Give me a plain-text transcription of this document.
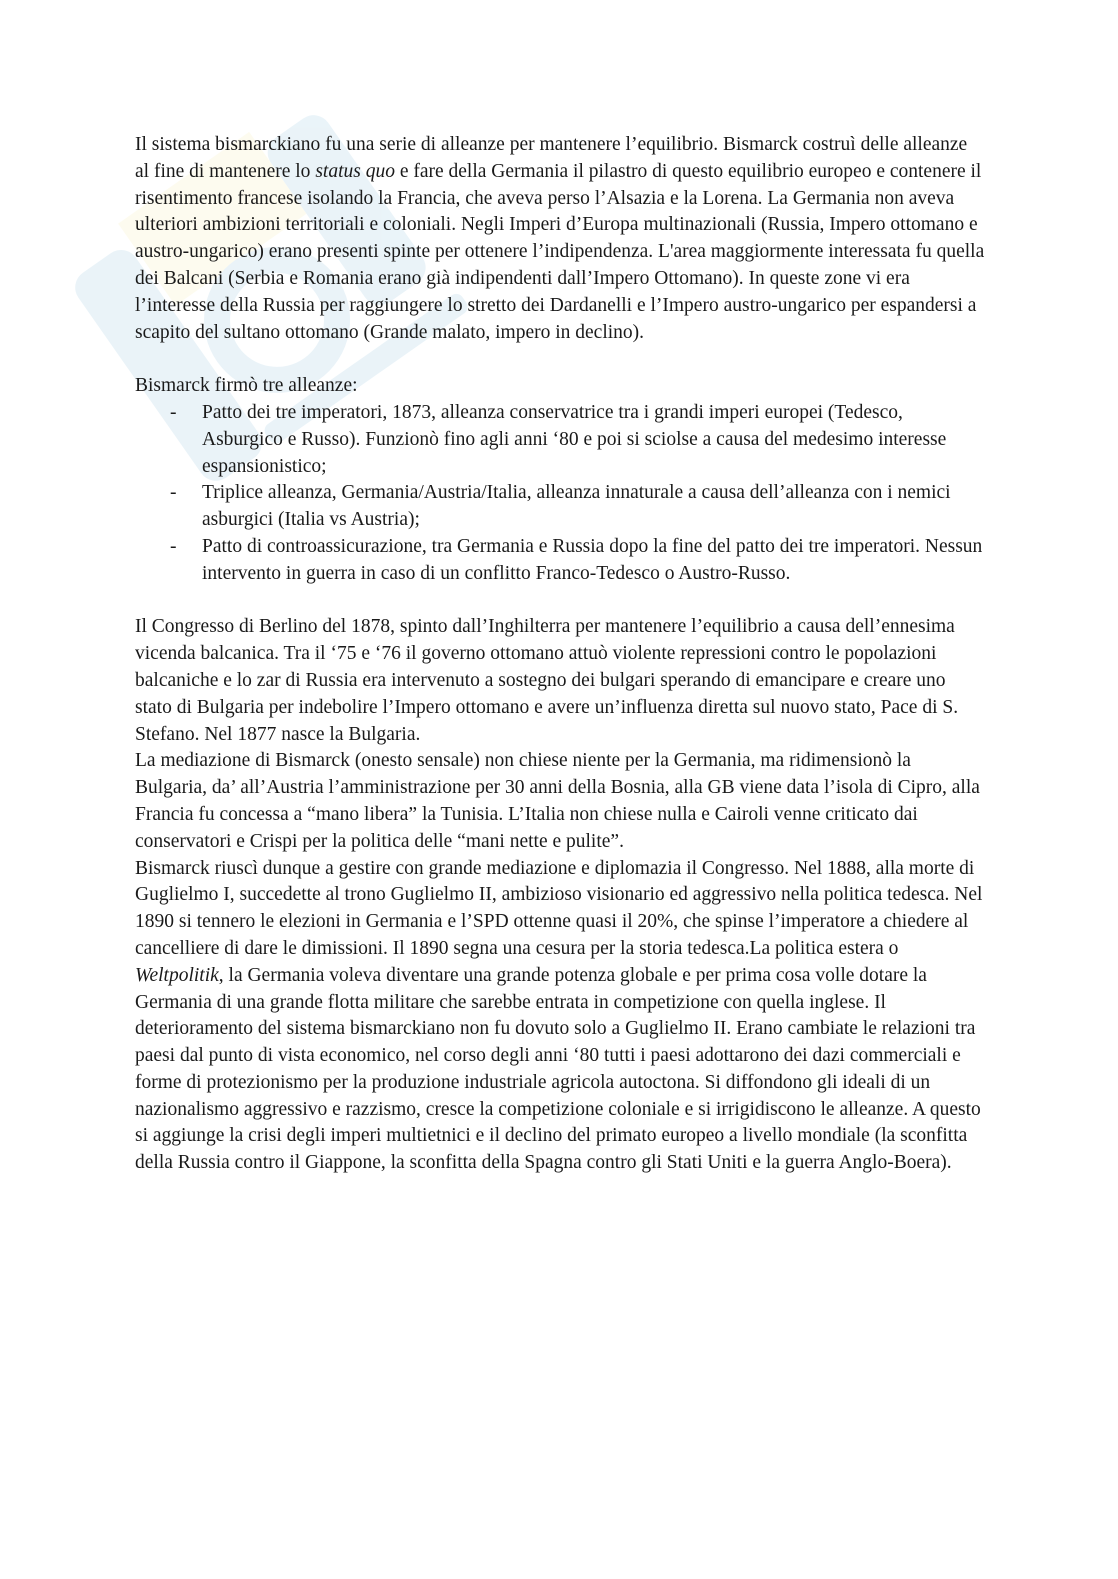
Il sistema bismarckiano fu una serie di alleanze per mantenere l’equilibrio. Bismarck costruì delle alleanze al fine di mantenere lo status quo e fare della Germania il pilastro di questo equilibrio europeo e contenere il risentimento francese isolando la Francia, che aveva perso l’Alsazia e la Lorena. La Germania non aveva ulteriori ambizioni territoriali e coloniali. Negli Imperi d’Europa multinazionali (Russia, Impero ottomano e austro-ungarico) erano presenti spinte per ottenere l’indipendenza. L'area maggiormente interessata fu quella dei Balcani (Serbia e Romania erano già indipendenti dall’Impero Ottomano). In queste zone vi era l’interesse della Russia per raggiungere lo stretto dei Dardanelli e l’Impero austro-ungarico per espandersi a scapito del sultano ottomano (Grande malato, impero in declino).

Bismarck firmò tre alleanze:

- Patto dei tre imperatori, 1873, alleanza conservatrice tra i grandi imperi europei (Tedesco, Asburgico e Russo). Funzionò fino agli anni ‘80 e poi si sciolse a causa del medesimo interesse espansionistico;
- Triplice alleanza, Germania/Austria/Italia, alleanza innaturale a causa dell’alleanza con i nemici asburgici (Italia vs Austria);
- Patto di controassicurazione, tra Germania e Russia dopo la fine del patto dei tre imperatori. Nessun intervento in guerra in caso di un conflitto Franco-Tedesco o Austro-Russo.

Il Congresso di Berlino del 1878, spinto dall’Inghilterra per mantenere l’equilibrio a causa dell’ennesima vicenda balcanica. Tra il ‘75 e ‘76 il governo ottomano attuò violente repressioni contro le popolazioni balcaniche e lo zar di Russia era intervenuto a sostegno dei bulgari sperando di emancipare e creare uno stato di Bulgaria per indebolire l’Impero ottomano e avere un’influenza diretta sul nuovo stato, Pace di S. Stefano. Nel 1877 nasce la Bulgaria.

La mediazione di Bismarck (onesto sensale) non chiese niente per la Germania, ma ridimensionò la Bulgaria, da’ all’Austria l’amministrazione per 30 anni della Bosnia, alla GB viene data l’isola di Cipro, alla Francia fu concessa a “mano libera” la Tunisia. L’Italia non chiese nulla e Cairoli venne criticato dai conservatori e Crispi per la politica delle “mani nette e pulite”.

Bismarck riuscì dunque a gestire con grande mediazione e diplomazia il Congresso. Nel 1888, alla morte di Guglielmo I, succedette al trono Guglielmo II, ambizioso visionario ed aggressivo nella politica tedesca. Nel 1890 si tennero le elezioni in Germania e l’SPD ottenne quasi il 20%, che spinse l’imperatore a chiedere al cancelliere di dare le dimissioni. Il 1890 segna una cesura per la storia tedesca.La politica estera o Weltpolitik, la Germania voleva diventare una grande potenza globale e per prima cosa volle dotare la Germania di una grande flotta militare che sarebbe entrata in competizione con quella inglese. Il deterioramento del sistema bismarckiano non fu dovuto solo a Guglielmo II. Erano cambiate le relazioni tra paesi dal punto di vista economico, nel corso degli anni ‘80 tutti i paesi adottarono dei dazi commerciali e forme di protezionismo per la produzione industriale agricola autoctona. Si diffondono gli ideali di un nazionalismo aggressivo e razzismo, cresce la competizione coloniale e si irrigidiscono le alleanze. A questo si aggiunge la crisi degli imperi multietnici e il declino del primato europeo a livello mondiale (la sconfitta della Russia contro il Giappone, la sconfitta della Spagna contro gli Stati Uniti e la guerra Anglo-Boera).
